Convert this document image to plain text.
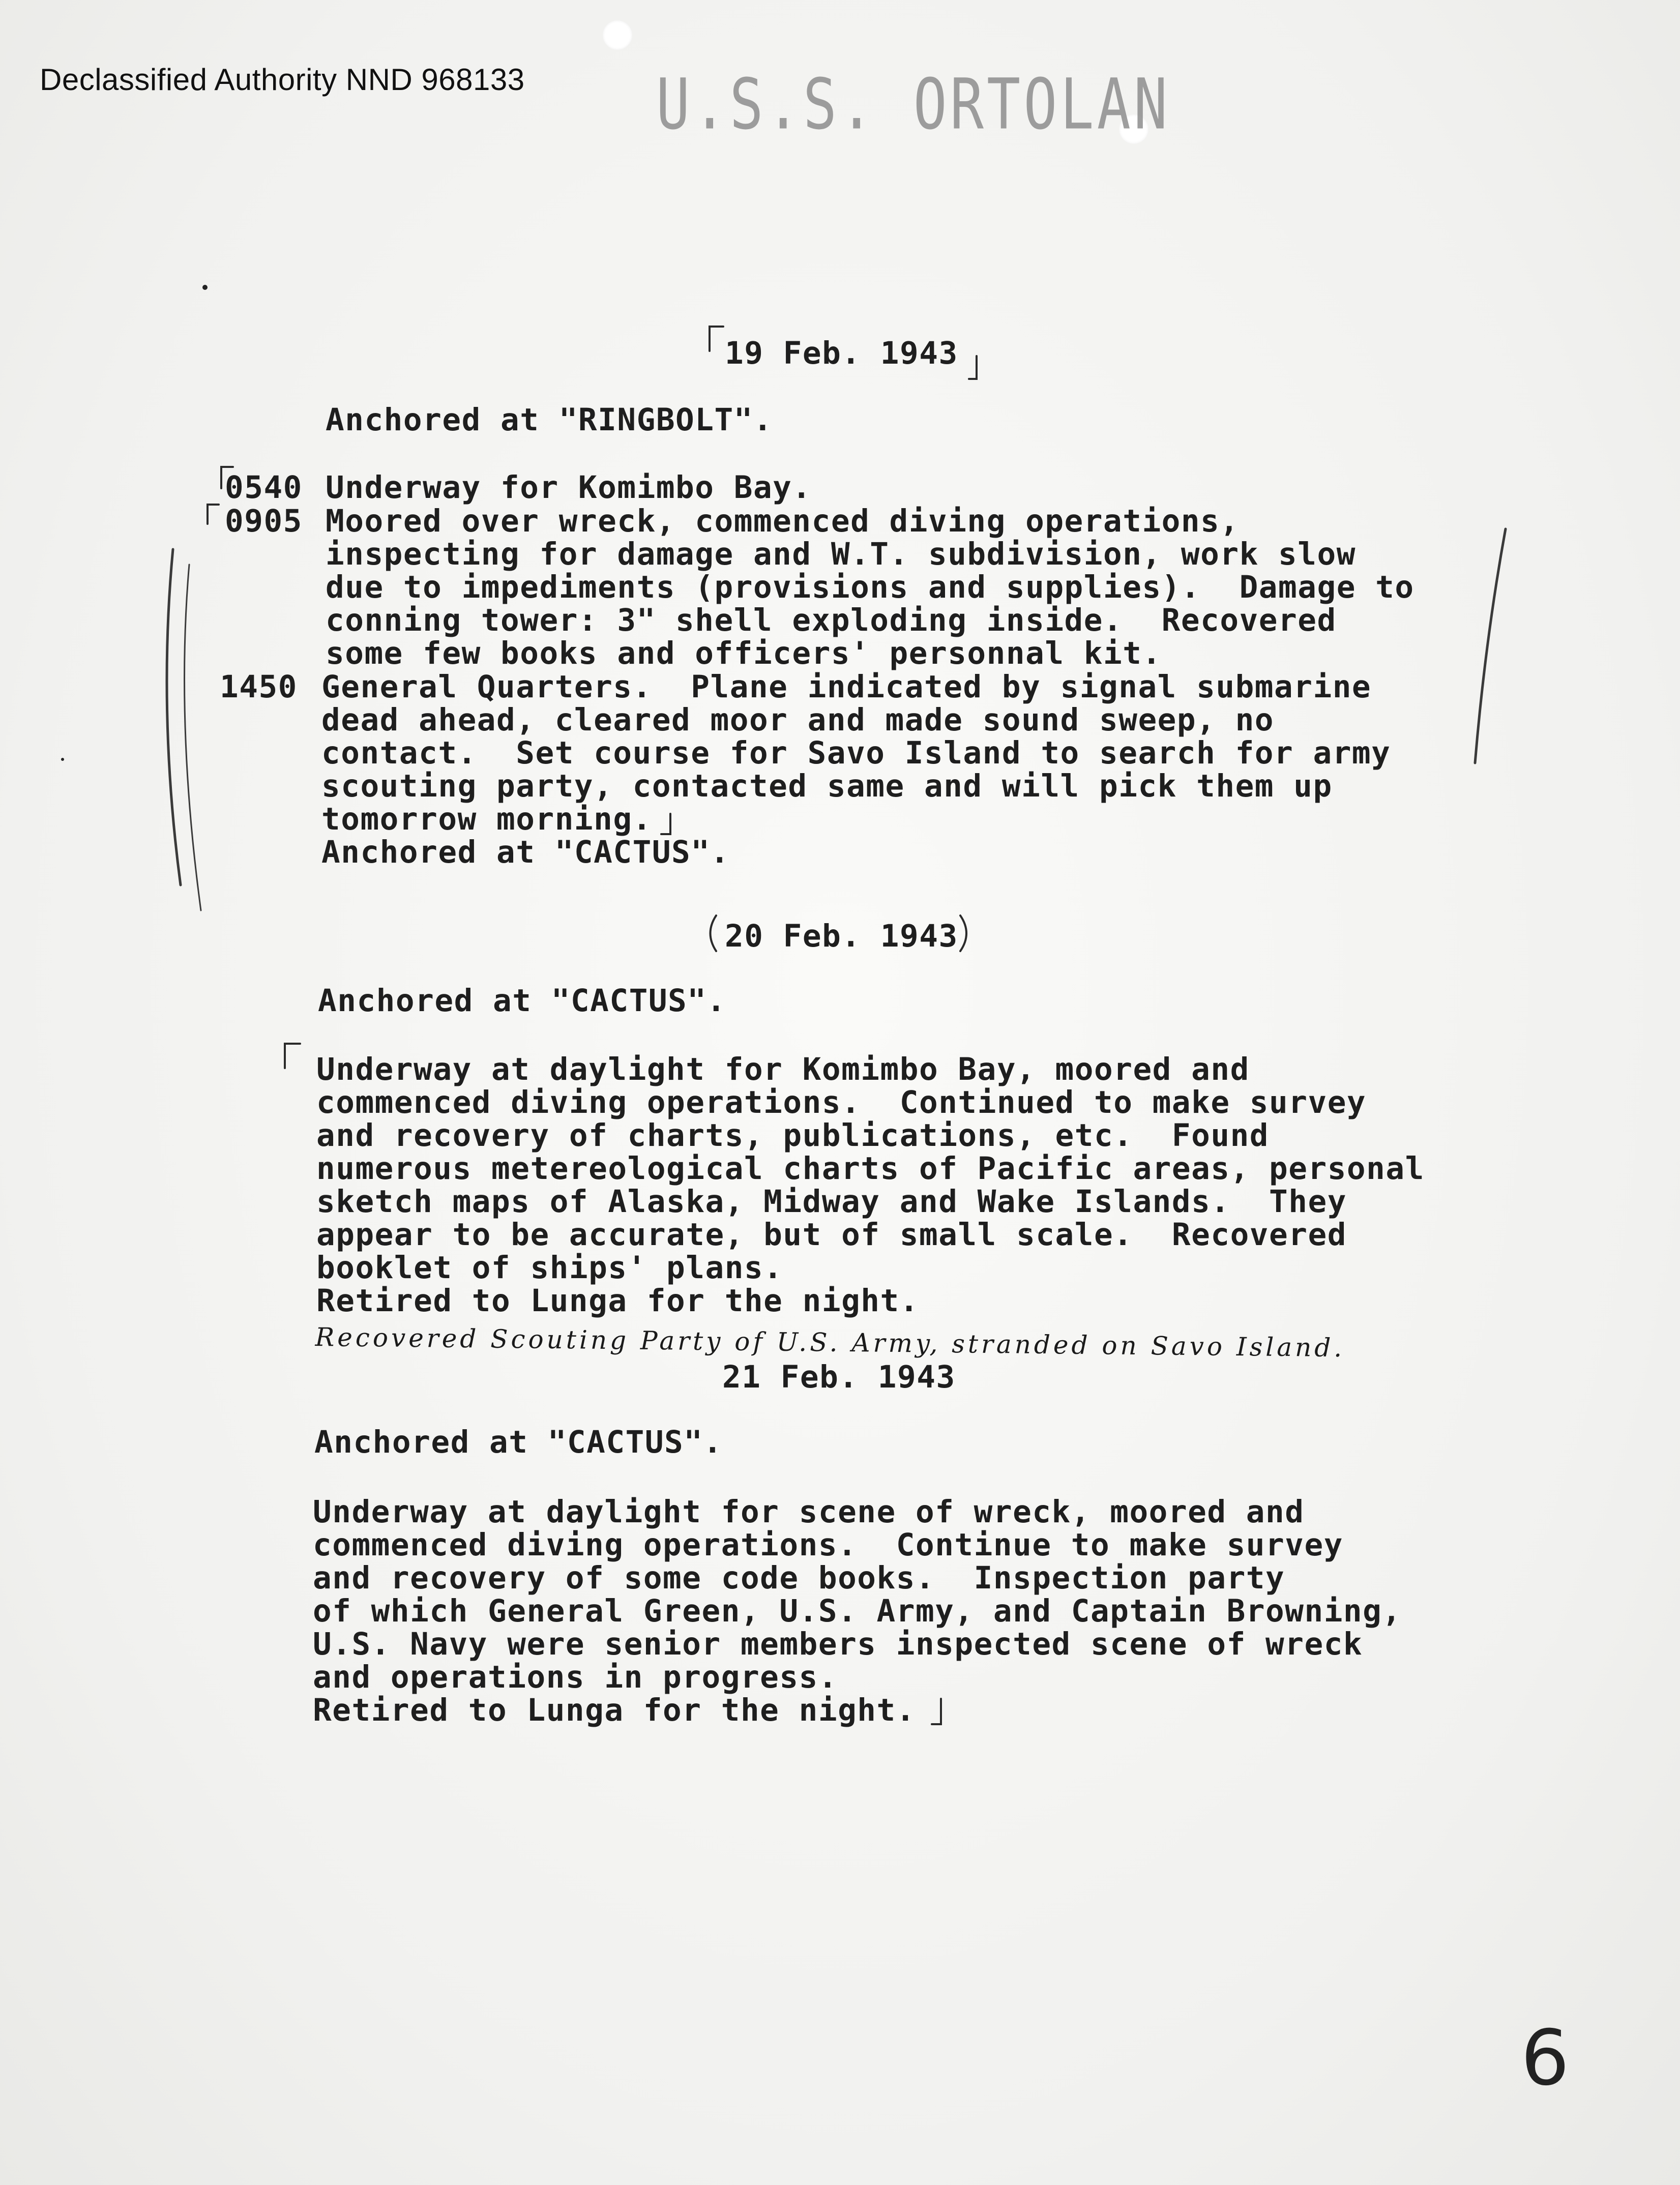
Declassified Authority NND 968133 U.S.S. ORTOLAN
19 Feb. 1943
Anchored at "RINGBOLT".
0540 Underway for Komimbo Bay.
0905 Moored over wreck, commenced diving operations,
inspecting for damage and W.T. subdivision, work slow
due to impediments (provisions and supplies).  Damage to
conning tower: 3" shell exploding inside.  Recovered
some few books and officers' personnal kit.
1450 General Quarters.  Plane indicated by signal submarine
dead ahead, cleared moor and made sound sweep, no
contact.  Set course for Savo Island to search for army
scouting party, contacted same and will pick them up
tomorrow morning.
Anchored at "CACTUS".
20 Feb. 1943
Anchored at "CACTUS".
Underway at daylight for Komimbo Bay, moored and
commenced diving operations.  Continued to make survey
and recovery of charts, publications, etc.  Found
numerous metereological charts of Pacific areas, personal
sketch maps of Alaska, Midway and Wake Islands.  They
appear to be accurate, but of small scale.  Recovered
booklet of ships' plans.
Retired to Lunga for the night.
Recovered Scouting Party of U.S. Army, stranded on Savo Island.
21 Feb. 1943
Anchored at "CACTUS".
Underway at daylight for scene of wreck, moored and
commenced diving operations.  Continue to make survey
and recovery of some code books.  Inspection party
of which General Green, U.S. Army, and Captain Browning,
U.S. Navy were senior members inspected scene of wreck
and operations in progress.
Retired to Lunga for the night.
6
